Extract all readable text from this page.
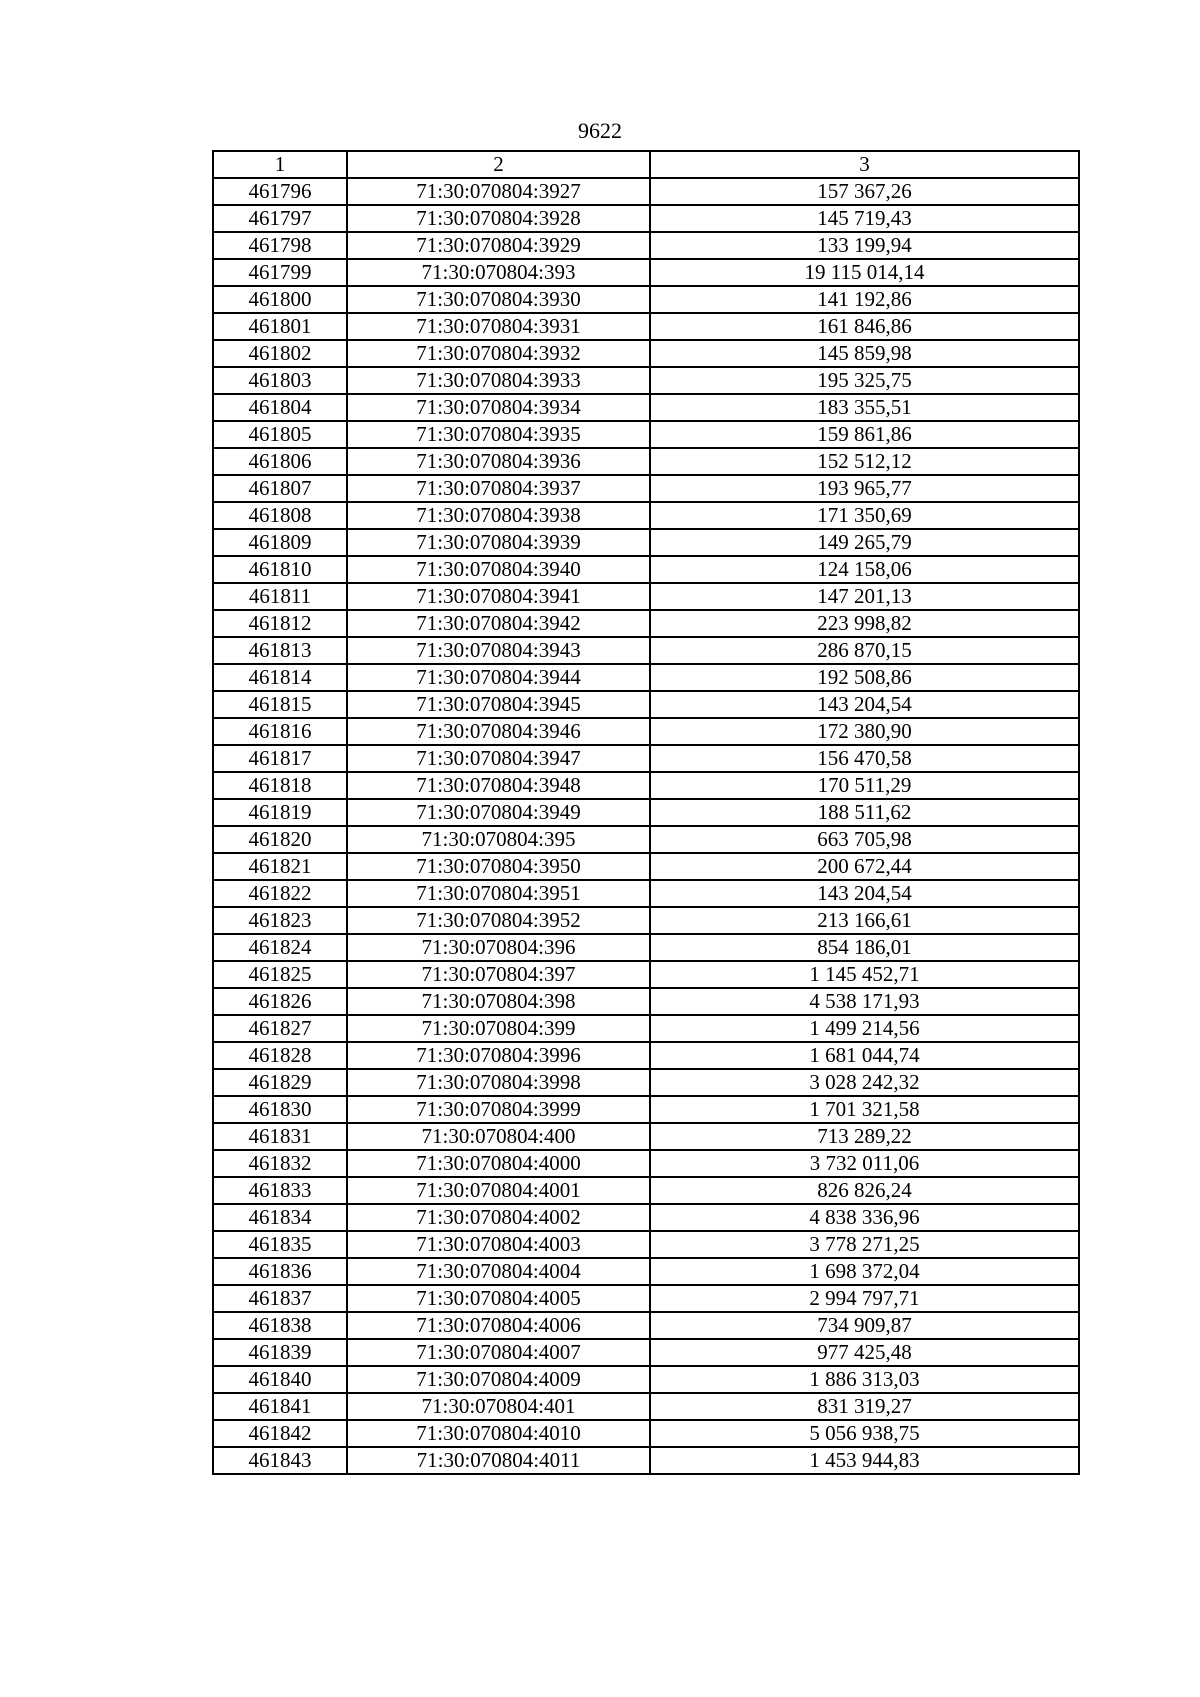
9622
1	2	3
461796	71:30:070804:3927	157 367,26
461797	71:30:070804:3928	145 719,43
461798	71:30:070804:3929	133 199,94
461799	71:30:070804:393	19 115 014,14
461800	71:30:070804:3930	141 192,86
461801	71:30:070804:3931	161 846,86
461802	71:30:070804:3932	145 859,98
461803	71:30:070804:3933	195 325,75
461804	71:30:070804:3934	183 355,51
461805	71:30:070804:3935	159 861,86
461806	71:30:070804:3936	152 512,12
461807	71:30:070804:3937	193 965,77
461808	71:30:070804:3938	171 350,69
461809	71:30:070804:3939	149 265,79
461810	71:30:070804:3940	124 158,06
461811	71:30:070804:3941	147 201,13
461812	71:30:070804:3942	223 998,82
461813	71:30:070804:3943	286 870,15
461814	71:30:070804:3944	192 508,86
461815	71:30:070804:3945	143 204,54
461816	71:30:070804:3946	172 380,90
461817	71:30:070804:3947	156 470,58
461818	71:30:070804:3948	170 511,29
461819	71:30:070804:3949	188 511,62
461820	71:30:070804:395	663 705,98
461821	71:30:070804:3950	200 672,44
461822	71:30:070804:3951	143 204,54
461823	71:30:070804:3952	213 166,61
461824	71:30:070804:396	854 186,01
461825	71:30:070804:397	1 145 452,71
461826	71:30:070804:398	4 538 171,93
461827	71:30:070804:399	1 499 214,56
461828	71:30:070804:3996	1 681 044,74
461829	71:30:070804:3998	3 028 242,32
461830	71:30:070804:3999	1 701 321,58
461831	71:30:070804:400	713 289,22
461832	71:30:070804:4000	3 732 011,06
461833	71:30:070804:4001	826 826,24
461834	71:30:070804:4002	4 838 336,96
461835	71:30:070804:4003	3 778 271,25
461836	71:30:070804:4004	1 698 372,04
461837	71:30:070804:4005	2 994 797,71
461838	71:30:070804:4006	734 909,87
461839	71:30:070804:4007	977 425,48
461840	71:30:070804:4009	1 886 313,03
461841	71:30:070804:401	831 319,27
461842	71:30:070804:4010	5 056 938,75
461843	71:30:070804:4011	1 453 944,83
